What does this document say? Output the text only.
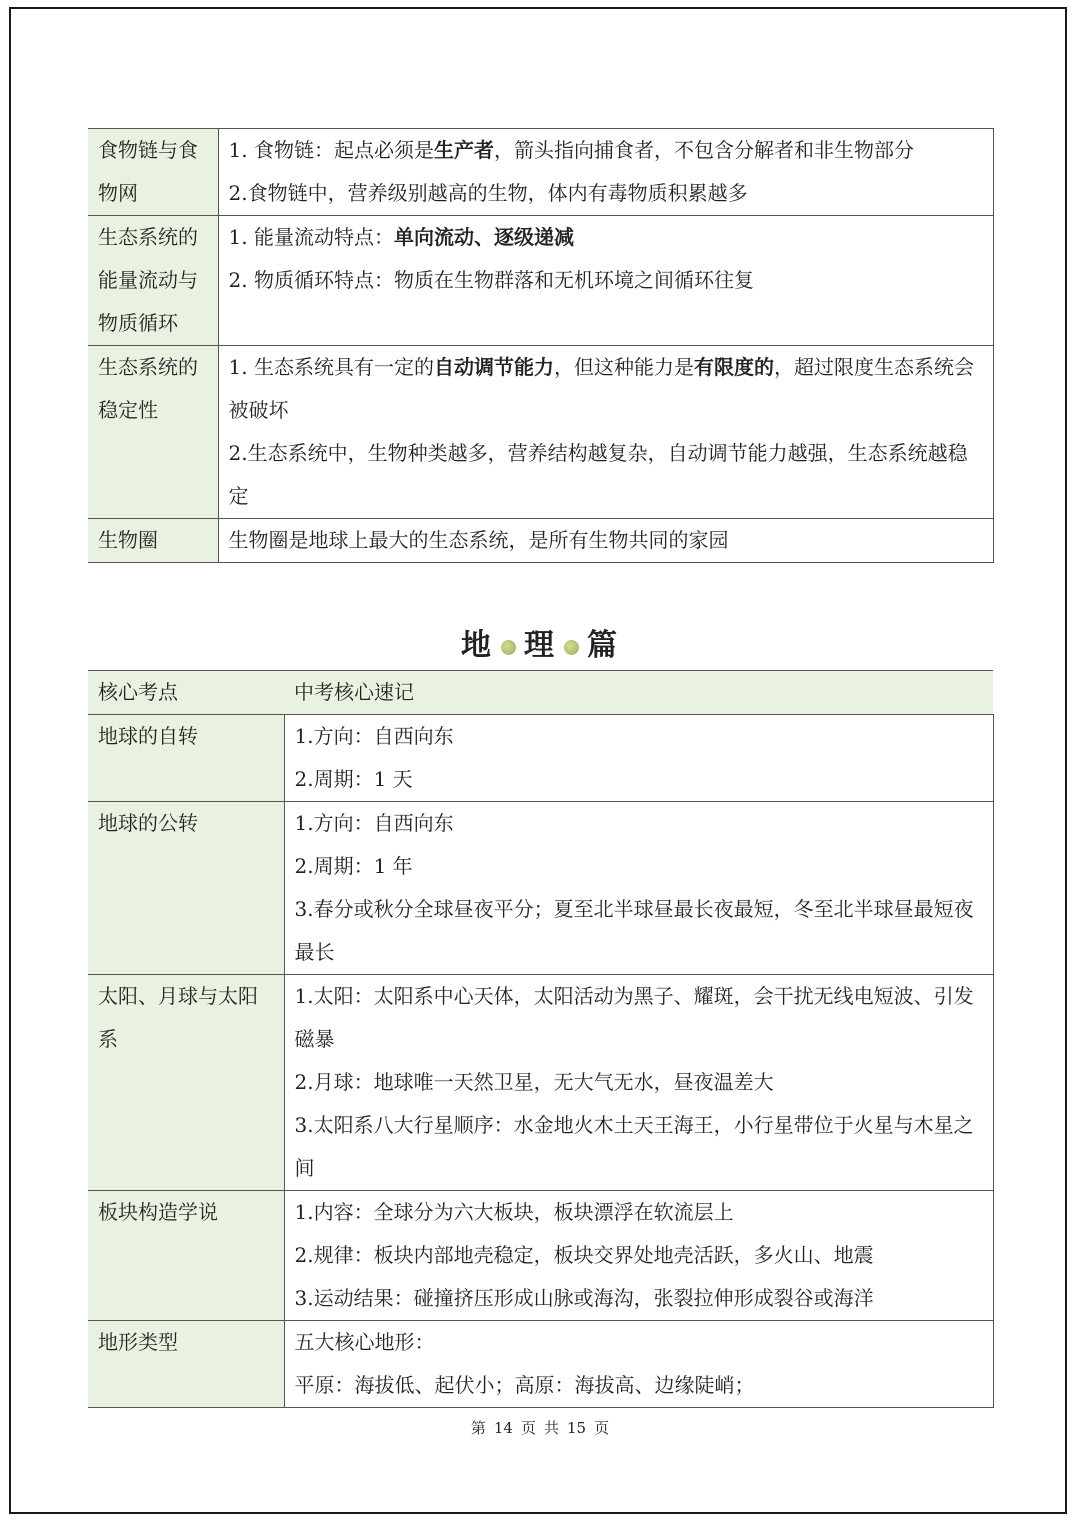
食物链与食物网	1. 食物链：起点必须是生产者，箭头指向捕食者，不包含分解者和非生物部分
2.食物链中，营养级别越高的生物，体内有毒物质积累越多

生态系统的能量流动与物质循环	1. 能量流动特点：单向流动、逐级递减
2. 物质循环特点：物质在生物群落和无机环境之间循环往复

生态系统的稳定性	1. 生态系统具有一定的自动调节能力，但这种能力是有限度的，超过限度生态系统会被破坏
2.生态系统中，生物种类越多，营养结构越复杂，自动调节能力越强，生态系统越稳定

生物圈	生物圈是地球上最大的生态系统，是所有生物共同的家园
地 理 篇
核心考点	中考核心速记
地球的自转	1.方向：自西向东
2.周期：1 天

地球的公转	1.方向：自西向东
2.周期：1 年
3.春分或秋分全球昼夜平分；夏至北半球昼最长夜最短，冬至北半球昼最短夜最长

太阳、月球与太阳系	1.太阳：太阳系中心天体，太阳活动为黑子、耀斑，会干扰无线电短波、引发磁暴
2.月球：地球唯一天然卫星，无大气无水，昼夜温差大
3.太阳系八大行星顺序：水金地火木土天王海王，小行星带位于火星与木星之间

板块构造学说	1.内容：全球分为六大板块，板块漂浮在软流层上
2.规律：板块内部地壳稳定，板块交界处地壳活跃，多火山、地震
3.运动结果：碰撞挤压形成山脉或海沟，张裂拉伸形成裂谷或海洋

地形类型	五大核心地形：
平原：海拔低、起伏小；高原：海拔高、边缘陡峭；
第 14 页 共 15 页
